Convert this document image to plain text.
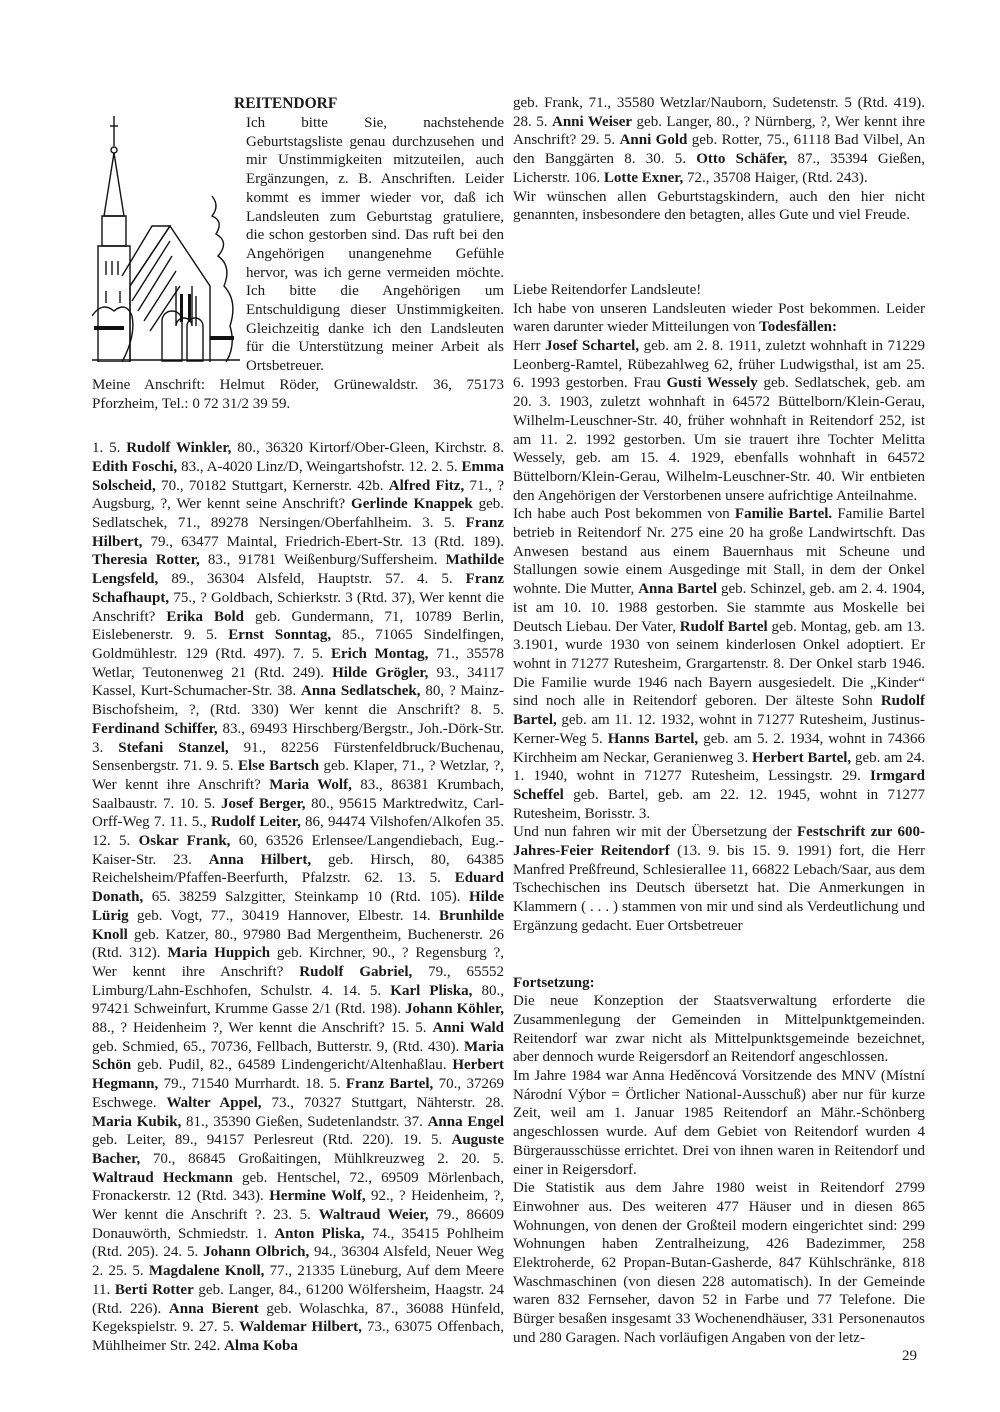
REITENDORF

Ich bitte Sie, nachstehende Geburtstagsliste genau durchzusehen und mir Unstimmigkeiten mitzuteilen, auch Ergänzungen, z. B. Anschriften. Leider kommt es immer wieder vor, daß ich Landsleuten zum Geburtstag gratuliere, die schon gestorben sind. Das ruft bei den Angehörigen unangenehme Gefühle hervor, was ich gerne vermeiden möchte. Ich bitte die Angehörigen um Entschuldigung dieser Unstimmigkeiten. Gleichzeitig danke ich den Landsleuten für die Unterstützung meiner Arbeit als Ortsbetreuer.

Meine Anschrift: Helmut Röder, Grünewaldstr. 36, 75173 Pforzheim, Tel.: 0 72 31/2 39 59.

1. 5. Rudolf Winkler, 80., 36320 Kirtorf/Ober-Gleen, Kirchstr. 8. Edith Foschi, 83., A-4020 Linz/D, Weingartshofstr. 12. 2. 5. Emma Solscheid, 70., 70182 Stuttgart, Kernerstr. 42b. Alfred Fitz, 71., ? Augsburg, ?, Wer kennt seine Anschrift? Gerlinde Knappek geb. Sedlatschek, 71., 89278 Nersingen/Oberfahlheim. 3. 5. Franz Hilbert, 79., 63477 Maintal, Friedrich-Ebert-Str. 13 (Rtd. 189). Theresia Rotter, 83., 91781 Weißenburg/Suffersheim. Mathilde Lengsfeld, 89., 36304 Alsfeld, Hauptstr. 57. 4. 5. Franz Schafhaupt, 75., ? Goldbach, Schierkstr. 3 (Rtd. 37), Wer kennt die Anschrift? Erika Bold geb. Gundermann, 71, 10789 Berlin, Eislebenerstr. 9. 5. Ernst Sonntag, 85., 71065 Sindelfingen, Goldmühlestr. 129 (Rtd. 497). 7. 5. Erich Montag, 71., 35578 Wetlar, Teutonenweg 21 (Rtd. 249). Hilde Grögler, 93., 34117 Kassel, Kurt-Schumacher-Str. 38. Anna Sedlatschek, 80, ? Mainz-Bischofsheim, ?, (Rtd. 330) Wer kennt die Anschrift? 8. 5. Ferdinand Schiffer, 83., 69493 Hirschberg/Bergstr., Joh.-Dörk-Str. 3. Stefani Stanzel, 91., 82256 Fürstenfeldbruck/Buchenau, Sensenbergstr. 71. 9. 5. Else Bartsch geb. Klaper, 71., ? Wetzlar, ?, Wer kennt ihre Anschrift? Maria Wolf, 83., 86381 Krumbach, Saalbaustr. 7. 10. 5. Josef Berger, 80., 95615 Marktredwitz, Carl-Orff-Weg 7. 11. 5., Rudolf Leiter, 86, 94474 Vilshofen/Alkofen 35. 12. 5. Oskar Frank, 60, 63526 Erlensee/Langendiebach, Eug.-Kaiser-Str. 23. Anna Hilbert, geb. Hirsch, 80, 64385 Reichelsheim/Pfaffen-Beerfurth, Pfalzstr. 62. 13. 5. Eduard Donath, 65. 38259 Salzgitter, Steinkamp 10 (Rtd. 105). Hilde Lürig geb. Vogt, 77., 30419 Hannover, Elbestr. 14. Brunhilde Knoll geb. Katzer, 80., 97980 Bad Mergentheim, Buchenerstr. 26 (Rtd. 312). Maria Huppich geb. Kirchner, 90., ? Regensburg ?, Wer kennt ihre Anschrift? Rudolf Gabriel, 79., 65552 Limburg/Lahn-Eschhofen, Schulstr. 4. 14. 5. Karl Pliska, 80., 97421 Schweinfurt, Krumme Gasse 2/1 (Rtd. 198). Johann Köhler, 88., ? Heidenheim ?, Wer kennt die Anschrift? 15. 5. Anni Wald geb. Schmied, 65., 70736, Fellbach, Butterstr. 9, (Rtd. 430). Maria Schön geb. Pudil, 82., 64589 Lindengericht/Altenhaßlau. Herbert Hegmann, 79., 71540 Murrhardt. 18. 5. Franz Bartel, 70., 37269 Eschwege. Walter Appel, 73., 70327 Stuttgart, Nähterstr. 28. Maria Kubik, 81., 35390 Gießen, Sudetenlandstr. 37. Anna Engel geb. Leiter, 89., 94157 Perlesreut (Rtd. 220). 19. 5. Auguste Bacher, 70., 86845 Großaitingen, Mühlkreuzweg 2. 20. 5. Waltraud Heckmann geb. Hentschel, 72., 69509 Mörlenbach, Fronackerstr. 12 (Rtd. 343). Hermine Wolf, 92., ? Heidenheim, ?, Wer kennt die Anschrift ?. 23. 5. Waltraud Weier, 79., 86609 Donauwörth, Schmiedstr. 1. Anton Pliska, 74., 35415 Pohlheim (Rtd. 205). 24. 5. Johann Olbrich, 94., 36304 Alsfeld, Neuer Weg 2. 25. 5. Magdalene Knoll, 77., 21335 Lüneburg, Auf dem Meere 11. Berti Rotter geb. Langer, 84., 61200 Wölfersheim, Haagstr. 24 (Rtd. 226). Anna Bierent geb. Wolaschka, 87., 36088 Hünfeld, Kegekspielstr. 9. 27. 5. Waldemar Hilbert, 73., 63075 Offenbach, Mühlheimer Str. 242. Alma Koba

geb. Frank, 71., 35580 Wetzlar/Nauborn, Sudetenstr. 5 (Rtd. 419). 28. 5. Anni Weiser geb. Langer, 80., ? Nürnberg, ?, Wer kennt ihre Anschrift? 29. 5. Anni Gold geb. Rotter, 75., 61118 Bad Vilbel, An den Banggärten 8. 30. 5. Otto Schäfer, 87., 35394 Gießen, Licherstr. 106. Lotte Exner, 72., 35708 Haiger, (Rtd. 243).

Wir wünschen allen Geburtstagskindern, auch den hier nicht genannten, insbesondere den betagten, alles Gute und viel Freude.

Liebe Reitendorfer Landsleute!

Ich habe von unseren Landsleuten wieder Post bekommen. Leider waren darunter wieder Mitteilungen von Todesfällen:

Herr Josef Schartel, geb. am 2. 8. 1911, zuletzt wohnhaft in 71229 Leonberg-Ramtel, Rübezahlweg 62, früher Ludwigsthal, ist am 25. 6. 1993 gestorben. Frau Gusti Wessely geb. Sedlatschek, geb. am 20. 3. 1903, zuletzt wohnhaft in 64572 Büttelborn/Klein-Gerau, Wilhelm-Leuschner-Str. 40, früher wohnhaft in Reitendorf 252, ist am 11. 2. 1992 gestorben. Um sie trauert ihre Tochter Melitta Wessely, geb. am 15. 4. 1929, ebenfalls wohnhaft in 64572 Büttelborn/Klein-Gerau, Wilhelm-Leuschner-Str. 40. Wir entbieten den Angehörigen der Verstorbenen unsere aufrichtige Anteilnahme.

Ich habe auch Post bekommen von Familie Bartel. Familie Bartel betrieb in Reitendorf Nr. 275 eine 20 ha große Landwirtschft. Das Anwesen bestand aus einem Bauernhaus mit Scheune und Stallungen sowie einem Ausgedinge mit Stall, in dem der Onkel wohnte. Die Mutter, Anna Bartel geb. Schinzel, geb. am 2. 4. 1904, ist am 10. 10. 1988 gestorben. Sie stammte aus Moskelle bei Deutsch Liebau. Der Vater, Rudolf Bartel geb. Montag, geb. am 13. 3.1901, wurde 1930 von seinem kinderlosen Onkel adoptiert. Er wohnt in 71277 Rutesheim, Grargartenstr. 8. Der Onkel starb 1946. Die Familie wurde 1946 nach Bayern ausgesiedelt. Die „Kinder“ sind noch alle in Reitendorf geboren. Der älteste Sohn Rudolf Bartel, geb. am 11. 12. 1932, wohnt in 71277 Rutesheim, Justinus-Kerner-Weg 5. Hanns Bartel, geb. am 5. 2. 1934, wohnt in 74366 Kirchheim am Neckar, Geranienweg 3. Herbert Bartel, geb. am 24. 1. 1940, wohnt in 71277 Rutesheim, Lessingstr. 29. Irmgard Scheffel geb. Bartel, geb. am 22. 12. 1945, wohnt in 71277 Rutesheim, Borisstr. 3.

Und nun fahren wir mit der Übersetzung der Festschrift zur 600-Jahres-Feier Reitendorf (13. 9. bis 15. 9. 1991) fort, die Herr Manfred Preßfreund, Schlesierallee 11, 66822 Lebach/Saar, aus dem Tschechischen ins Deutsch übersetzt hat. Die Anmerkungen in Klammern ( . . . ) stammen von mir und sind als Verdeutlichung und Ergänzung gedacht. Euer Ortsbetreuer

Fortsetzung:

Die neue Konzeption der Staatsverwaltung erforderte die Zusammenlegung der Gemeinden in Mittelpunktgemeinden. Reitendorf war zwar nicht als Mittelpunktsgemeinde bezeichnet, aber dennoch wurde Reigersdorf an Reitendorf angeschlossen.

Im Jahre 1984 war Anna Heděncová Vorsitzende des MNV (Místní Národní Výbor = Örtlicher National-Ausschuß) aber nur für kurze Zeit, weil am 1. Januar 1985 Reitendorf an Mähr.-Schönberg angeschlossen wurde. Auf dem Gebiet von Reitendorf wurden 4 Bürgerausschüsse errichtet. Drei von ihnen waren in Reitendorf und einer in Reigersdorf.

Die Statistik aus dem Jahre 1980 weist in Reitendorf 2799 Einwohner aus. Des weiteren 477 Häuser und in diesen 865 Wohnungen, von denen der Großteil modern eingerichtet sind: 299 Wohnungen haben Zentralheizung, 426 Badezimmer, 258 Elektroherde, 62 Propan-Butan-Gasherde, 847 Kühlschränke, 818 Waschmaschinen (von diesen 228 automatisch). In der Gemeinde waren 832 Fernseher, davon 52 in Farbe und 77 Telefone. Die Bürger besaßen insgesamt 33 Wochenendhäuser, 331 Personenautos und 280 Garagen. Nach vorläufigen Angaben von der letz-

29
